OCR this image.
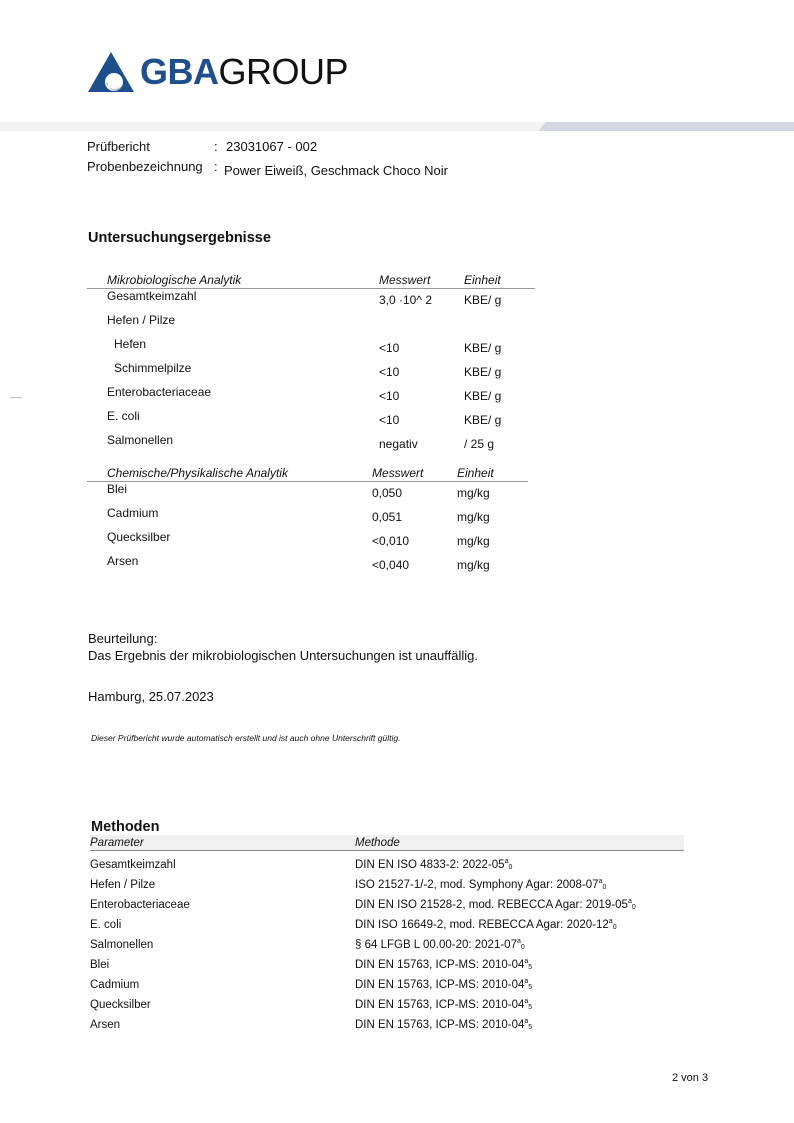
GBAGROUP
Prüfbericht	: 23031067 - 002
Probenbezeichnung : Power Eiweiß, Geschmack Choco Noir
Untersuchungsergebnisse
Mikrobiologische Analytik	Messwert	Einheit
Gesamtkeimzahl	3,0 ·10^ 2	KBE/ g
Hefen / Pilze		
Hefen	<10	KBE/ g
Schimmelpilze	<10	KBE/ g
Enterobacteriaceae	<10	KBE/ g
E. coli	<10	KBE/ g
Salmonellen	negativ	/ 25 g
Chemische/Physikalische Analytik	Messwert	Einheit
Blei	0,050	mg/kg
Cadmium	0,051	mg/kg
Quecksilber	<0,010	mg/kg
Arsen	<0,040	mg/kg
Beurteilung:
Das Ergebnis der mikrobiologischen Untersuchungen ist unauffällig.
Hamburg, 25.07.2023
Dieser Prüfbericht wurde automatisch erstellt und ist auch ohne Unterschrift gültig.
Methoden
Parameter	Methode
Gesamtkeimzahl	DIN EN ISO 4833-2: $2022-05^a_0$
Hefen / Pilze	ISO 21527-1/-2, mod. Symphony Agar: $2008-07^a_0$
Enterobacteriaceae	DIN EN ISO 21528-2, mod. REBECCA Agar: $2019-05^a_0$
E. coli	DIN ISO 16649-2, mod. REBECCA Agar: $2020-12^a_0$
Salmonellen	§ 64 LFGB L 00.00-20: $2021-07^a_0$
Blei	DIN EN 15763, ICP-MS: $2010-04^a_5$
Cadmium	DIN EN 15763, ICP-MS: $2010-04^a_5$
Quecksilber	DIN EN 15763, ICP-MS: $2010-04^a_5$
Arsen	DIN EN 15763, ICP-MS: $2010-04^a_5$
2 von 3
